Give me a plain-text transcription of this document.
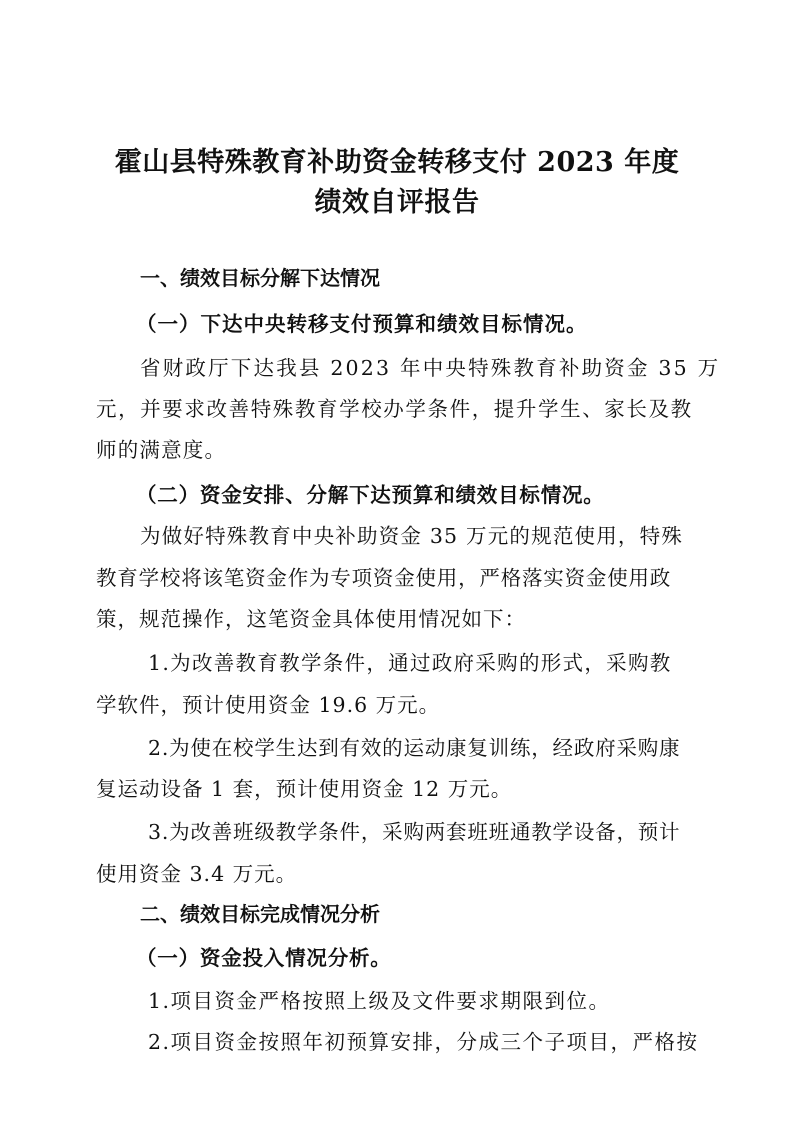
霍山县特殊教育补助资金转移支付 2023 年度
绩效自评报告
一、绩效目标分解下达情况
（一）下达中央转移支付预算和绩效目标情况。
省财政厅下达我县 2023 年中央特殊教育补助资金 35 万
元，并要求改善特殊教育学校办学条件，提升学生、家长及教
师的满意度。
（二）资金安排、分解下达预算和绩效目标情况。
为做好特殊教育中央补助资金 35 万元的规范使用，特殊
教育学校将该笔资金作为专项资金使用，严格落实资金使用政
策，规范操作，这笔资金具体使用情况如下：
1.为改善教育教学条件，通过政府采购的形式，采购教
学软件，预计使用资金 19.6 万元。
2.为使在校学生达到有效的运动康复训练，经政府采购康
复运动设备 1 套，预计使用资金 12 万元。
3.为改善班级教学条件，采购两套班班通教学设备，预计
使用资金 3.4 万元。
二、绩效目标完成情况分析
（一）资金投入情况分析。
1.项目资金严格按照上级及文件要求期限到位。
2.项目资金按照年初预算安排，分成三个子项目，严格按
